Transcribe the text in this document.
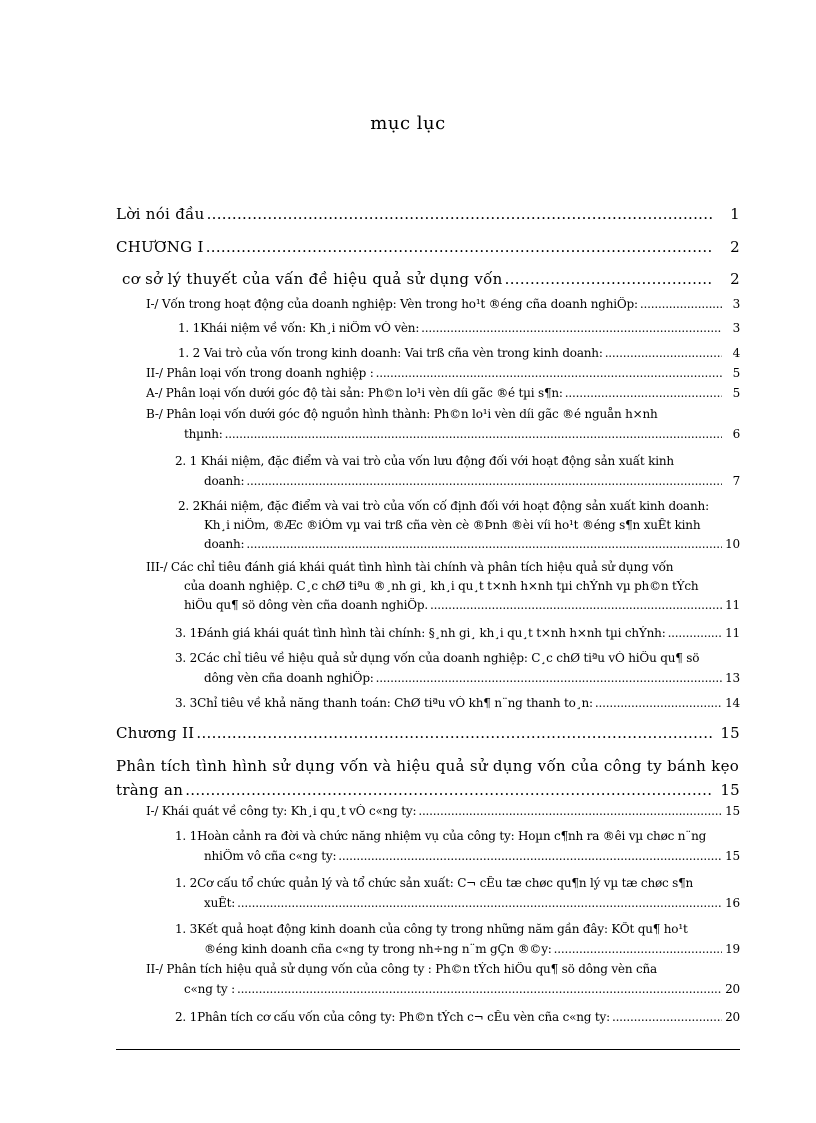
mục lục
Lời nói đầu .....	1
CHƯƠNG I .....	2
cơ sở lý thuyết của vấn đề hiệu quả sử dụng vốn .....	2
I-/ Vốn trong hoạt động của doanh nghiệp: Vèn trong ho¹t ®éng cña doanh nghiÖp: .....	3
1. 1Khái niệm về vốn: Kh¸i niÖm vÒ vèn: .....	3
1. 2 Vai trò của vốn trong kinh doanh: Vai trß cña vèn trong kinh doanh: .....	4
II-/ Phân loại vốn trong doanh nghiệp : .....	5
A-/ Phân loại vốn dưới góc độ tài sản: Ph©n lo¹i vèn díi gãc ®é tµi s¶n: .....	5
B-/ Phân loại vốn dưới góc độ nguồn hình thành: Ph©n lo¹i vèn díi gãc ®é nguån h×nh
thµnh: .....	6
2. 1 Khái niệm, đặc điểm và vai trò của vốn lưu động đối với hoạt động sản xuất kinh
doanh: .....	7
2. 2Khái niệm, đặc điểm và vai trò của vốn cố định đối với hoạt động sản xuất kinh doanh:
Kh¸i niÖm, ®Æc ®iÓm vµ vai trß cña vèn cè ®Þnh ®èi víi ho¹t ®éng s¶n xuÊt kinh
doanh: .....	10
III-/ Các chỉ tiêu đánh giá khái quát tình hình tài chính và phân tích hiệu quả sử dụng vốn
của doanh nghiệp. C¸c chØ tiªu ®¸nh gi¸ kh¸i qu¸t t×nh h×nh tµi chÝnh vµ ph©n tÝch
hiÖu qu¶ sö dông vèn cña doanh nghiÖp. .....	11
3. 1Đánh giá khái quát tình hình tài chính: §¸nh gi¸ kh¸i qu¸t t×nh h×nh tµi chÝnh: .....	11
3. 2Các chỉ tiêu về hiệu quả sử dụng vốn của doanh nghiệp: C¸c chØ tiªu vÒ hiÖu qu¶ sö
dông vèn cña doanh nghiÖp: .....	13
3. 3Chỉ tiêu về khả năng thanh toán: ChØ tiªu vÒ kh¶ n¨ng thanh to¸n: .....	14
Chương II .....	15
Phân tích tình hình sử dụng vốn và hiệu quả sử dụng vốn của công ty bánh kẹo
tràng an .....	15
I-/ Khái quát về công ty: Kh¸i qu¸t vÒ c«ng ty: .....	15
1. 1Hoàn cảnh ra đời và chức năng nhiệm vụ của công ty: Hoµn c¶nh ra ®êi vµ chøc n¨ng
nhiÖm vô cña c«ng ty: .....	15
1. 2Cơ cấu tổ chức quản lý và tổ chức sản xuất: C¬ cÊu tæ chøc qu¶n lý vµ tæ chøc s¶n
xuÊt: .....	16
1. 3Kết quả hoạt động kinh doanh của công ty trong những năm gần đây: KÕt qu¶ ho¹t
®éng kinh doanh cña c«ng ty trong nh÷ng n¨m gÇn ®©y: .....	19
II-/ Phân tích hiệu quả sử dụng vốn của công ty : Ph©n tÝch hiÖu qu¶ sö dông vèn cña
c«ng ty : .....	20
2. 1Phân tích cơ cấu vốn của công ty: Ph©n tÝch c¬ cÊu vèn cña c«ng ty: .....	20
